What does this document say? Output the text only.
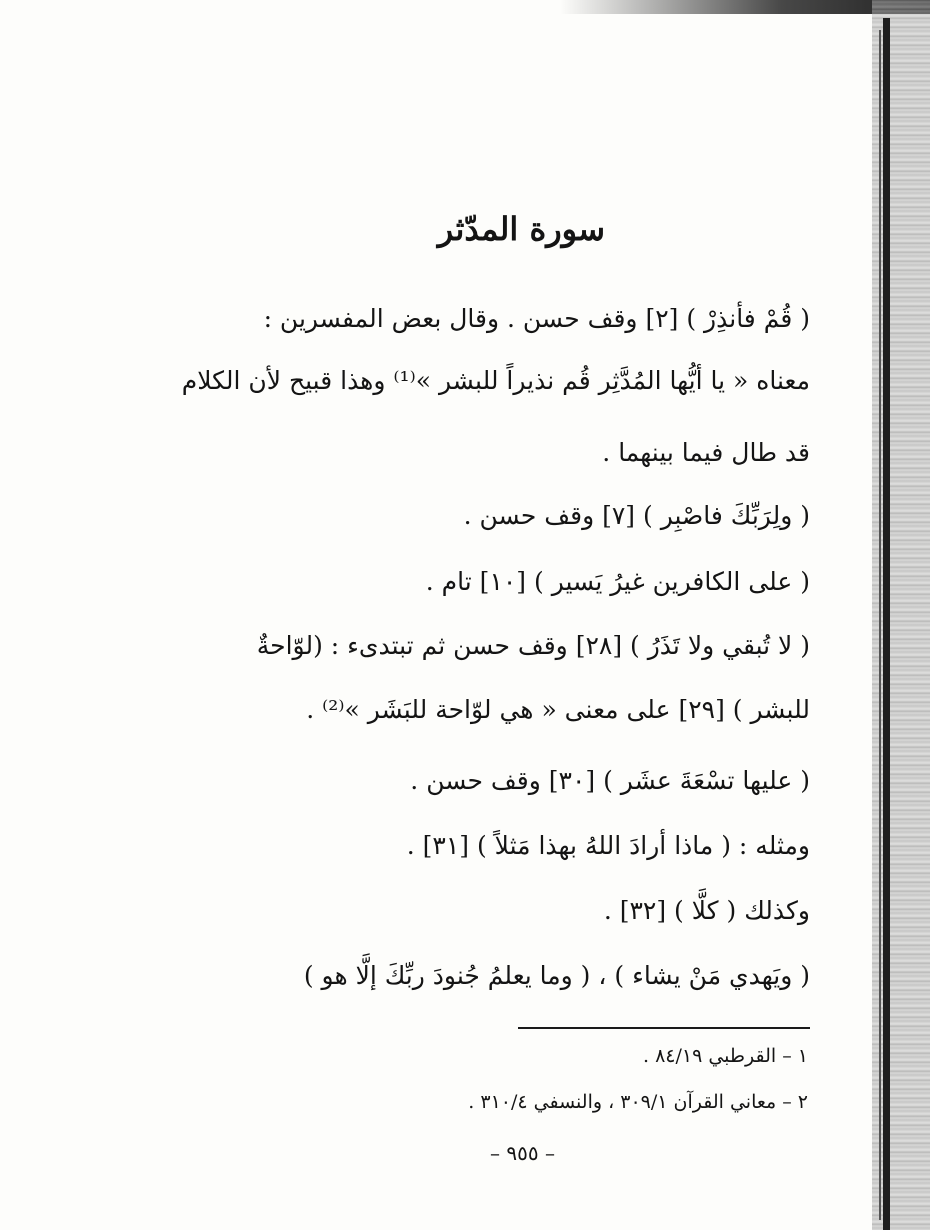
سورة المدّثر
( قُمْ فأنذِرْ ) [٢] وقف حسن . وقال بعض المفسرين :
معناه « يا أيُّها المُدَّثِر قُم نذيراً للبشر »⁽¹⁾ وهذا قبيح لأن الكلام
قد طال فيما بينهما .
( ولِرَبِّكَ فاصْبِر ) [٧] وقف حسن .
( على الكافرين غيرُ يَسير ) [١٠] تام .
( لا تُبقي ولا تَذَرُ ) [٢٨] وقف حسن ثم تبتدىء : (لوّاحةٌ
للبشر ) [٢٩] على معنى « هي لوّاحة للبَشَر »⁽²⁾ .
( عليها تسْعَةَ عشَر ) [٣٠] وقف حسن .
ومثله : ( ماذا أرادَ اللهُ بهذا مَثلاً ) [٣١] .
وكذلك ( كلَّا ) [٣٢] .
( ويَهدي مَنْ يشاء ) ، ( وما يعلمُ جُنودَ ربِّكَ إلَّا هو )
١ – القرطبي ٨٤/١٩ .
٢ – معاني القرآن ٣٠٩/١ ، والنسفي ٣١٠/٤ .
– ٩٥٥ –
